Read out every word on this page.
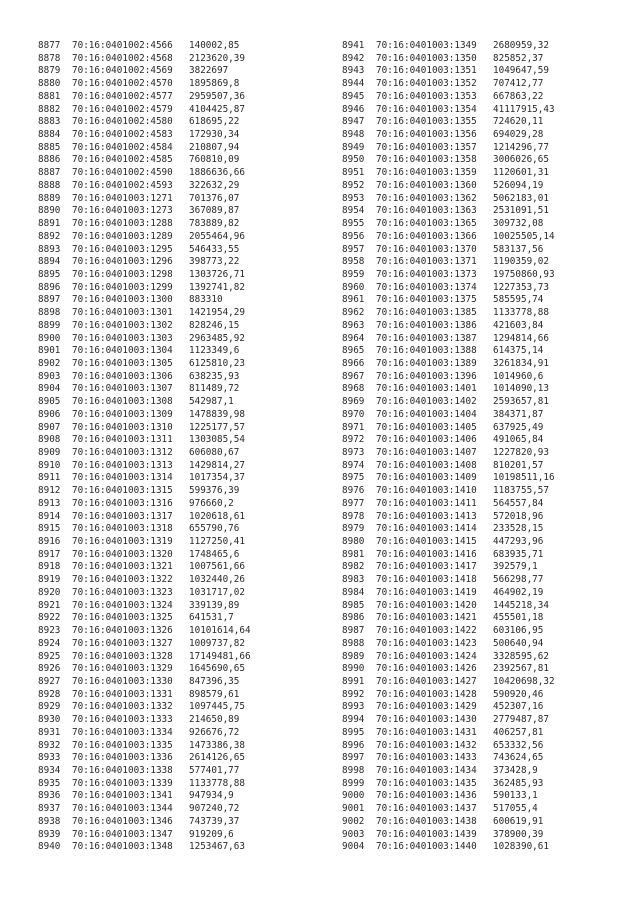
8877	70:16:0401002:4566	140002,85
8878	70:16:0401002:4568	2123620,39
8879	70:16:0401002:4569	3822697
8880	70:16:0401002:4570	1895869,8
8881	70:16:0401002:4577	2959507,36
8882	70:16:0401002:4579	4104425,87
8883	70:16:0401002:4580	618695,22
8884	70:16:0401002:4583	172930,34
8885	70:16:0401002:4584	210807,94
8886	70:16:0401002:4585	760810,09
8887	70:16:0401002:4590	1886636,66
8888	70:16:0401002:4593	322632,29
8889	70:16:0401003:1271	701376,07
8890	70:16:0401003:1273	367089,87
8891	70:16:0401003:1288	783889,82
8892	70:16:0401003:1289	2055464,96
8893	70:16:0401003:1295	546433,55
8894	70:16:0401003:1296	398773,22
8895	70:16:0401003:1298	1303726,71
8896	70:16:0401003:1299	1392741,82
8897	70:16:0401003:1300	883310
8898	70:16:0401003:1301	1421954,29
8899	70:16:0401003:1302	828246,15
8900	70:16:0401003:1303	2963485,92
8901	70:16:0401003:1304	1123349,6
8902	70:16:0401003:1305	6125810,23
8903	70:16:0401003:1306	638235,93
8904	70:16:0401003:1307	811489,72
8905	70:16:0401003:1308	542987,1
8906	70:16:0401003:1309	1478839,98
8907	70:16:0401003:1310	1225177,57
8908	70:16:0401003:1311	1303085,54
8909	70:16:0401003:1312	606080,67
8910	70:16:0401003:1313	1429814,27
8911	70:16:0401003:1314	1017354,37
8912	70:16:0401003:1315	599376,39
8913	70:16:0401003:1316	976660,2
8914	70:16:0401003:1317	1020618,61
8915	70:16:0401003:1318	655790,76
8916	70:16:0401003:1319	1127250,41
8917	70:16:0401003:1320	1748465,6
8918	70:16:0401003:1321	1007561,66
8919	70:16:0401003:1322	1032440,26
8920	70:16:0401003:1323	1031717,02
8921	70:16:0401003:1324	339139,89
8922	70:16:0401003:1325	641531,7
8923	70:16:0401003:1326	10101614,64
8924	70:16:0401003:1327	1009737,82
8925	70:16:0401003:1328	17149481,66
8926	70:16:0401003:1329	1645690,65
8927	70:16:0401003:1330	847396,35
8928	70:16:0401003:1331	898579,61
8929	70:16:0401003:1332	1097445,75
8930	70:16:0401003:1333	214650,89
8931	70:16:0401003:1334	926676,72
8932	70:16:0401003:1335	1473386,38
8933	70:16:0401003:1336	2614126,65
8934	70:16:0401003:1338	577401,77
8935	70:16:0401003:1339	1133778,88
8936	70:16:0401003:1341	947934,9
8937	70:16:0401003:1344	907240,72
8938	70:16:0401003:1346	743739,37
8939	70:16:0401003:1347	919209,6
8940	70:16:0401003:1348	1253467,63
8941	70:16:0401003:1349	2680959,32
8942	70:16:0401003:1350	825852,37
8943	70:16:0401003:1351	1049647,59
8944	70:16:0401003:1352	707412,77
8945	70:16:0401003:1353	667863,22
8946	70:16:0401003:1354	41117915,43
8947	70:16:0401003:1355	724620,11
8948	70:16:0401003:1356	694029,28
8949	70:16:0401003:1357	1214296,77
8950	70:16:0401003:1358	3006026,65
8951	70:16:0401003:1359	1120601,31
8952	70:16:0401003:1360	526094,19
8953	70:16:0401003:1362	5062183,01
8954	70:16:0401003:1363	2531091,51
8955	70:16:0401003:1365	309732,08
8956	70:16:0401003:1366	10025505,14
8957	70:16:0401003:1370	583137,56
8958	70:16:0401003:1371	1190359,02
8959	70:16:0401003:1373	19750860,93
8960	70:16:0401003:1374	1227353,73
8961	70:16:0401003:1375	585595,74
8962	70:16:0401003:1385	1133778,88
8963	70:16:0401003:1386	421603,84
8964	70:16:0401003:1387	1294814,66
8965	70:16:0401003:1388	614375,14
8966	70:16:0401003:1389	3261834,91
8967	70:16:0401003:1396	1014960,6
8968	70:16:0401003:1401	1014090,13
8969	70:16:0401003:1402	2593657,81
8970	70:16:0401003:1404	384371,87
8971	70:16:0401003:1405	637925,49
8972	70:16:0401003:1406	491065,84
8973	70:16:0401003:1407	1227820,93
8974	70:16:0401003:1408	810201,57
8975	70:16:0401003:1409	10198511,16
8976	70:16:0401003:1410	1183755,57
8977	70:16:0401003:1411	564557,84
8978	70:16:0401003:1413	572018,96
8979	70:16:0401003:1414	233528,15
8980	70:16:0401003:1415	447293,96
8981	70:16:0401003:1416	683935,71
8982	70:16:0401003:1417	392579,1
8983	70:16:0401003:1418	566298,77
8984	70:16:0401003:1419	464902,19
8985	70:16:0401003:1420	1445218,34
8986	70:16:0401003:1421	455501,18
8987	70:16:0401003:1422	603106,95
8988	70:16:0401003:1423	500640,94
8989	70:16:0401003:1424	3328595,62
8990	70:16:0401003:1426	2392567,81
8991	70:16:0401003:1427	10420698,32
8992	70:16:0401003:1428	590920,46
8993	70:16:0401003:1429	452307,16
8994	70:16:0401003:1430	2779487,87
8995	70:16:0401003:1431	406257,81
8996	70:16:0401003:1432	653332,56
8997	70:16:0401003:1433	743624,65
8998	70:16:0401003:1434	373428,9
8999	70:16:0401003:1435	362485,93
9000	70:16:0401003:1436	590133,1
9001	70:16:0401003:1437	517055,4
9002	70:16:0401003:1438	600619,91
9003	70:16:0401003:1439	378900,39
9004	70:16:0401003:1440	1028390,61
